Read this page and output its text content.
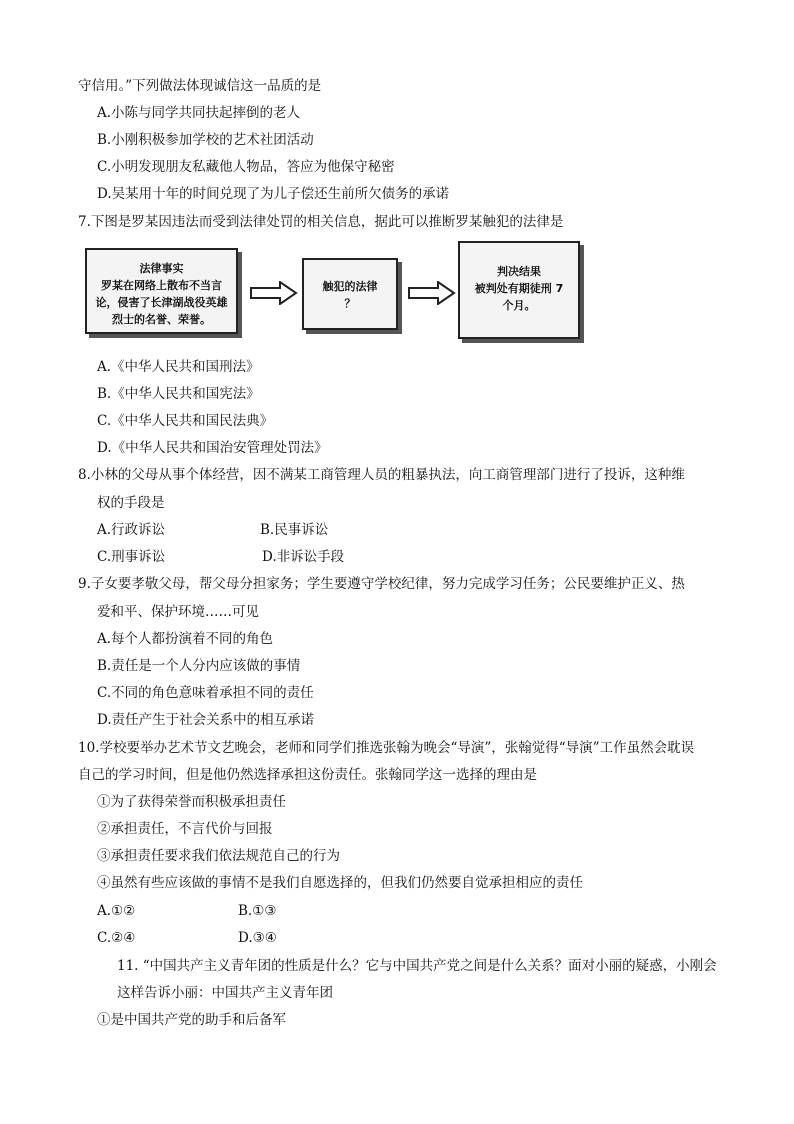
守信用。”下列做法体现诚信这一品质的是
A.小陈与同学共同扶起摔倒的老人
B.小刚积极参加学校的艺术社团活动
C.小明发现朋友私藏他人物品，答应为他保守秘密
D.吴某用十年的时间兑现了为儿子偿还生前所欠债务的承诺
7.下图是罗某因违法而受到法律处罚的相关信息，据此可以推断罗某触犯的法律是
法律事实
罗某在网络上散布不当言
论，侵害了长津湖战役英雄
烈士的名誉、荣誉。
触犯的法律
？
判决结果
被判处有期徒刑 7
个月。
A.《中华人民共和国刑法》
B.《中华人民共和国宪法》
C.《中华人民共和国民法典》
D.《中华人民共和国治安管理处罚法》
8.小林的父母从事个体经营，因不满某工商管理人员的粗暴执法，向工商管理部门进行了投诉，这种维
权的手段是
A.行政诉讼	B.民事诉讼
C.刑事诉讼	D.非诉讼手段
9.子女要孝敬父母，帮父母分担家务；学生要遵守学校纪律，努力完成学习任务；公民要维护正义、热
爱和平、保护环境……可见
A.每个人都扮演着不同的角色
B.责任是一个人分内应该做的事情
C.不同的角色意味着承担不同的责任
D.责任产生于社会关系中的相互承诺
10.学校要举办艺术节文艺晚会，老师和同学们推选张翰为晚会“导演”，张翰觉得“导演”工作虽然会耽误
自己的学习时间，但是他仍然选择承担这份责任。张翰同学这一选择的理由是
①为了获得荣誉而积极承担责任
②承担责任，不言代价与回报
③承担责任要求我们依法规范自己的行为
④虽然有些应该做的事情不是我们自愿选择的，但我们仍然要自觉承担相应的责任
A.①②	B.①③
C.②④	D.③④
11. “中国共产主义青年团的性质是什么？它与中国共产党之间是什么关系？面对小丽的疑惑，小刚会
这样告诉小丽：中国共产主义青年团
①是中国共产党的助手和后备军
